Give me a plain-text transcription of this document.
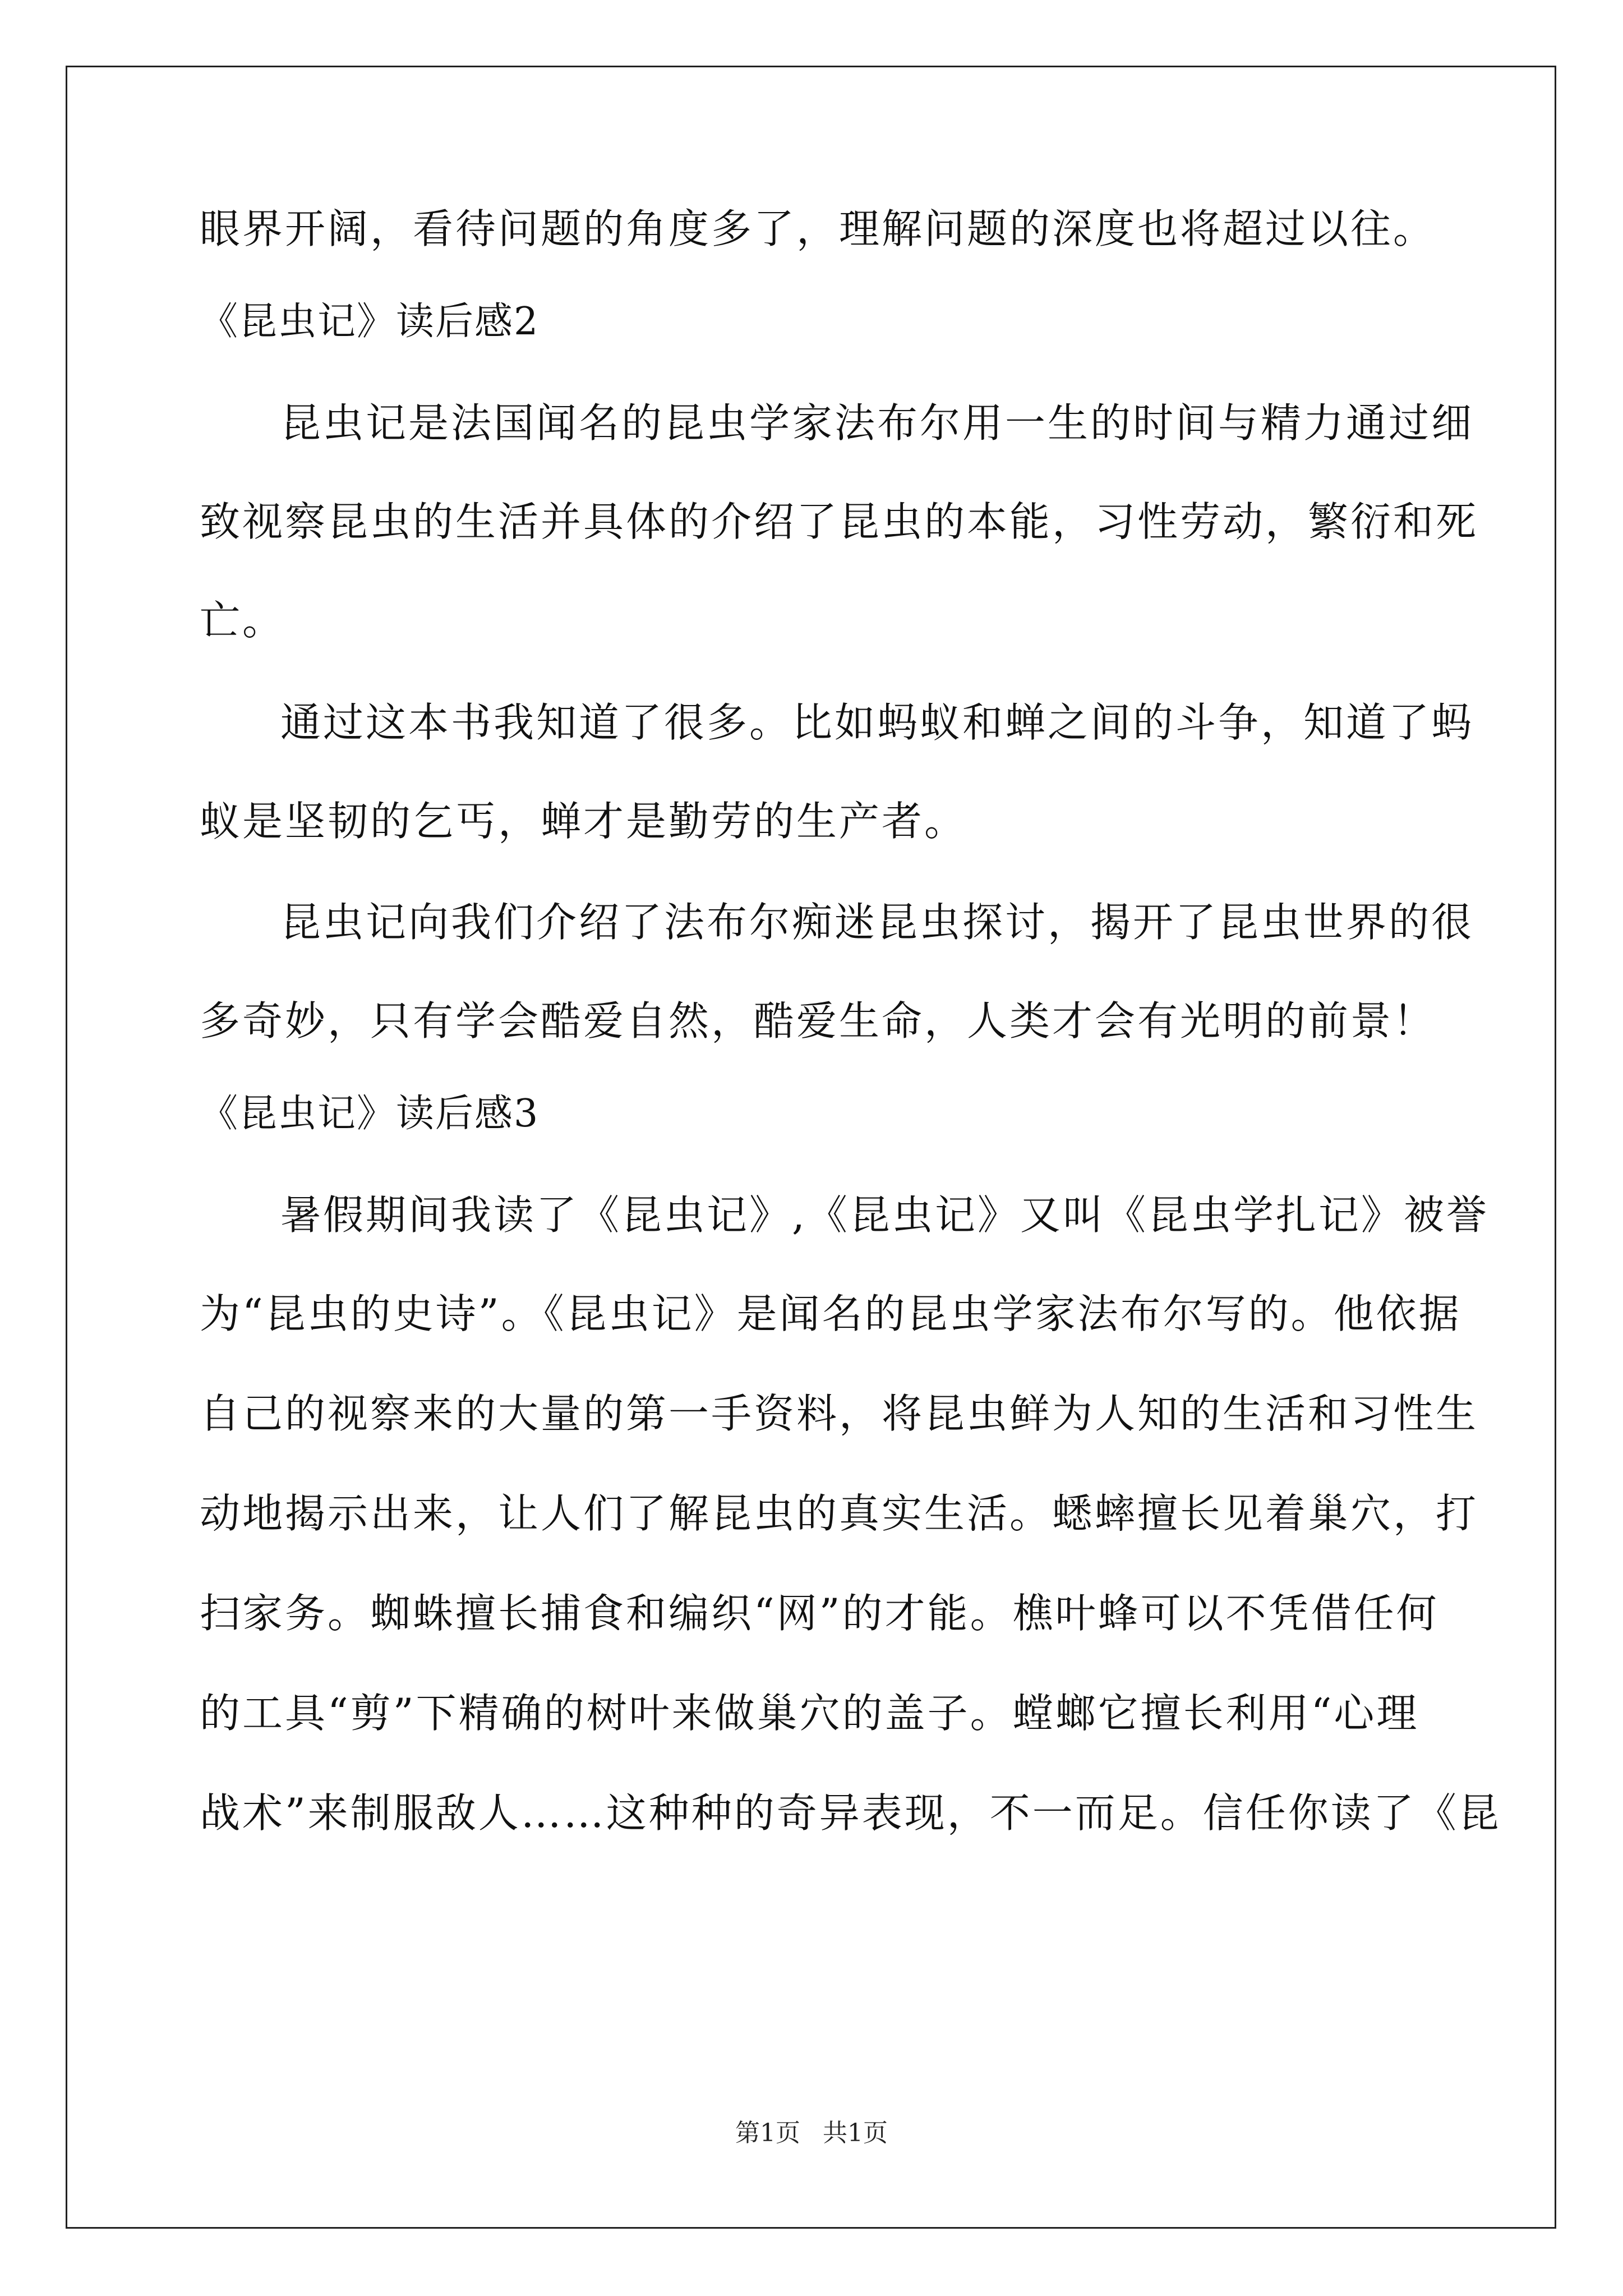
眼界开阔，看待问题的角度多了，理解问题的深度也将超过以往。
《昆虫记》读后感2
昆虫记是法国闻名的昆虫学家法布尔用一生的时间与精力通过细
致视察昆虫的生活并具体的介绍了昆虫的本能，习性劳动，繁衍和死
亡。
通过这本书我知道了很多。比如蚂蚁和蝉之间的斗争，知道了蚂
蚁是坚韧的乞丐，蝉才是勤劳的生产者。
昆虫记向我们介绍了法布尔痴迷昆虫探讨，揭开了昆虫世界的很
多奇妙，只有学会酷爱自然，酷爱生命，人类才会有光明的前景！
《昆虫记》读后感3
暑假期间我读了《昆虫记》,《昆虫记》又叫《昆虫学扎记》被誉
为“昆虫的史诗”。《昆虫记》是闻名的昆虫学家法布尔写的。他依据
自己的视察来的大量的第一手资料，将昆虫鲜为人知的生活和习性生
动地揭示出来，让人们了解昆虫的真实生活。蟋蟀擅长见着巢穴，打
扫家务。蜘蛛擅长捕食和编织“网”的才能。樵叶蜂可以不凭借任何
的工具“剪”下精确的树叶来做巢穴的盖子。螳螂它擅长利用“心理
战术”来制服敌人……这种种的奇异表现，不一而足。信任你读了《昆
第1页 共1页
